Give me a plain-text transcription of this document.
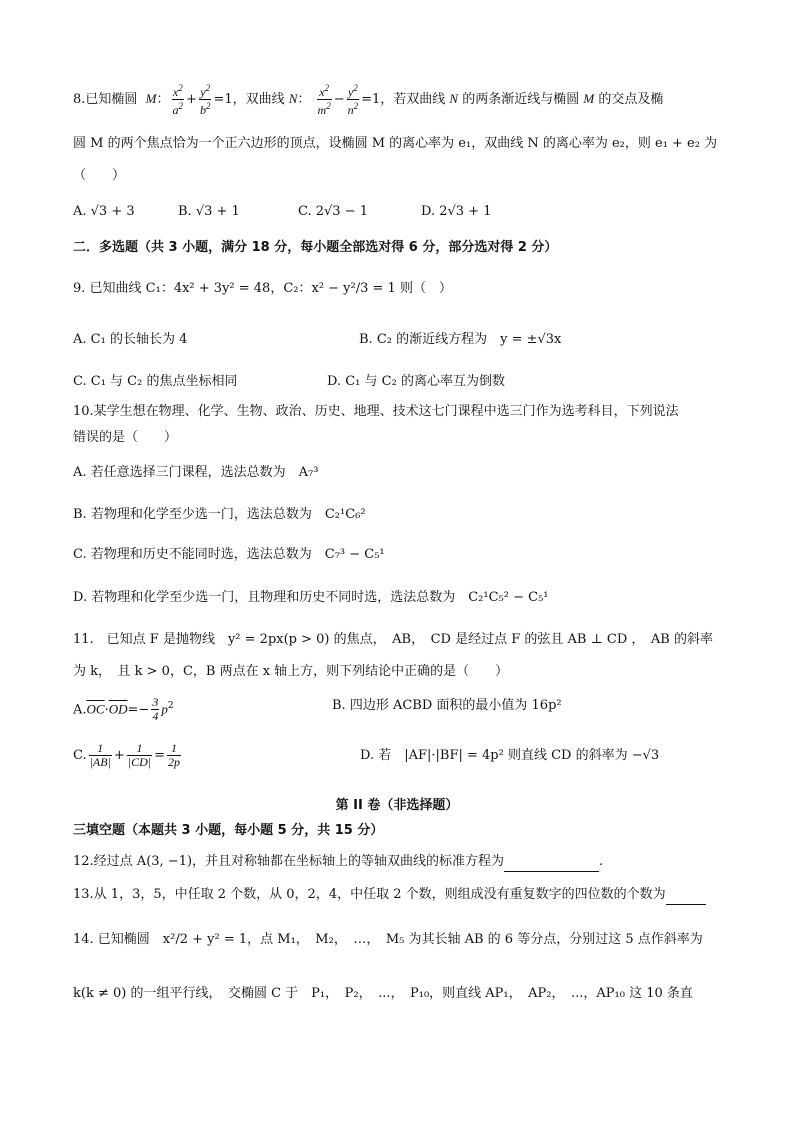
8.已知椭圆  M： $\frac{x^2}{a^2} + \frac{y^2}{b^2} =1$，双曲线 N： $\frac{x^2}{m^2} - \frac{y^2}{n^2} =1$，若双曲线 N 的两条渐近线与椭圆 M 的交点及椭
圆 M 的两个焦点恰为一个正六边形的顶点，设椭圆 M 的离心率为 e₁，双曲线 N 的离心率为 e₂，则 e₁ + e₂ 为
（　　）
A. √3 + 3	B. √3 + 1	C. 2√3 − 1	D. 2√3 + 1
二．多选题（共 3 小题，满分 18 分，每小题全部选对得 6 分，部分选对得 2 分）
9. 已知曲线 C₁：4x² + 3y² = 48，C₂：x² − y²/3 = 1 则（　）
A. C₁ 的长轴长为 4	B. C₂ 的渐近线方程为　y = ±√3x
C. C₁ 与 C₂ 的焦点坐标相同	D. C₁ 与 C₂ 的离心率互为倒数
10.某学生想在物理、化学、生物、政治、历史、地理、技术这七门课程中选三门作为选考科目，下列说法
错误的是（　　）
A. 若任意选择三门课程，选法总数为　A₇³
B. 若物理和化学至少选一门，选法总数为　C₂¹C₆²
C. 若物理和历史不能同时选，选法总数为　C₇³ − C₅¹
D. 若物理和化学至少选一门，且物理和历史不同时选，选法总数为　C₂¹C₅² − C₅¹
11.　已知点 F 是抛物线　y² = 2px(p > 0) 的焦点，　AB，　CD 是经过点 F 的弦且 AB ⊥ CD ，　AB 的斜率
为 k，　且 k > 0，C，B 两点在 x 轴上方，则下列结论中正确的是（　　）
$A.\overline{OC}\cdot\overline{OD}=- \frac{3}{4} p^2$	B. 四边形 ACBD 面积的最小值为 16p²
C. $\frac{1}{|AB|} + \frac{1}{|CD|} = \frac{1}{2p}$	D. 若　|AF|·|BF| = 4p² 则直线 CD 的斜率为 −√3
第 II 卷（非选择题）
三填空题（本题共 3 小题，每小题 5 分，共 15 分）
12.经过点 A(3, −1)，并且对称轴都在坐标轴上的等轴双曲线的标准方程为	.
13.从 1，3，5，中任取 2 个数，从 0，2，4，中任取 2 个数，则组成没有重复数字的四位数的个数为
14. 已知椭圆　x²/2 + y² = 1，点 M₁，　M₂，　…，　M₅ 为其长轴 AB 的 6 等分点，分别过这 5 点作斜率为
k(k ≠ 0) 的一组平行线，　交椭圆 C 于　P₁，　P₂，　...，　P₁₀，则直线 AP₁，　AP₂，　...，AP₁₀ 这 10 条直
